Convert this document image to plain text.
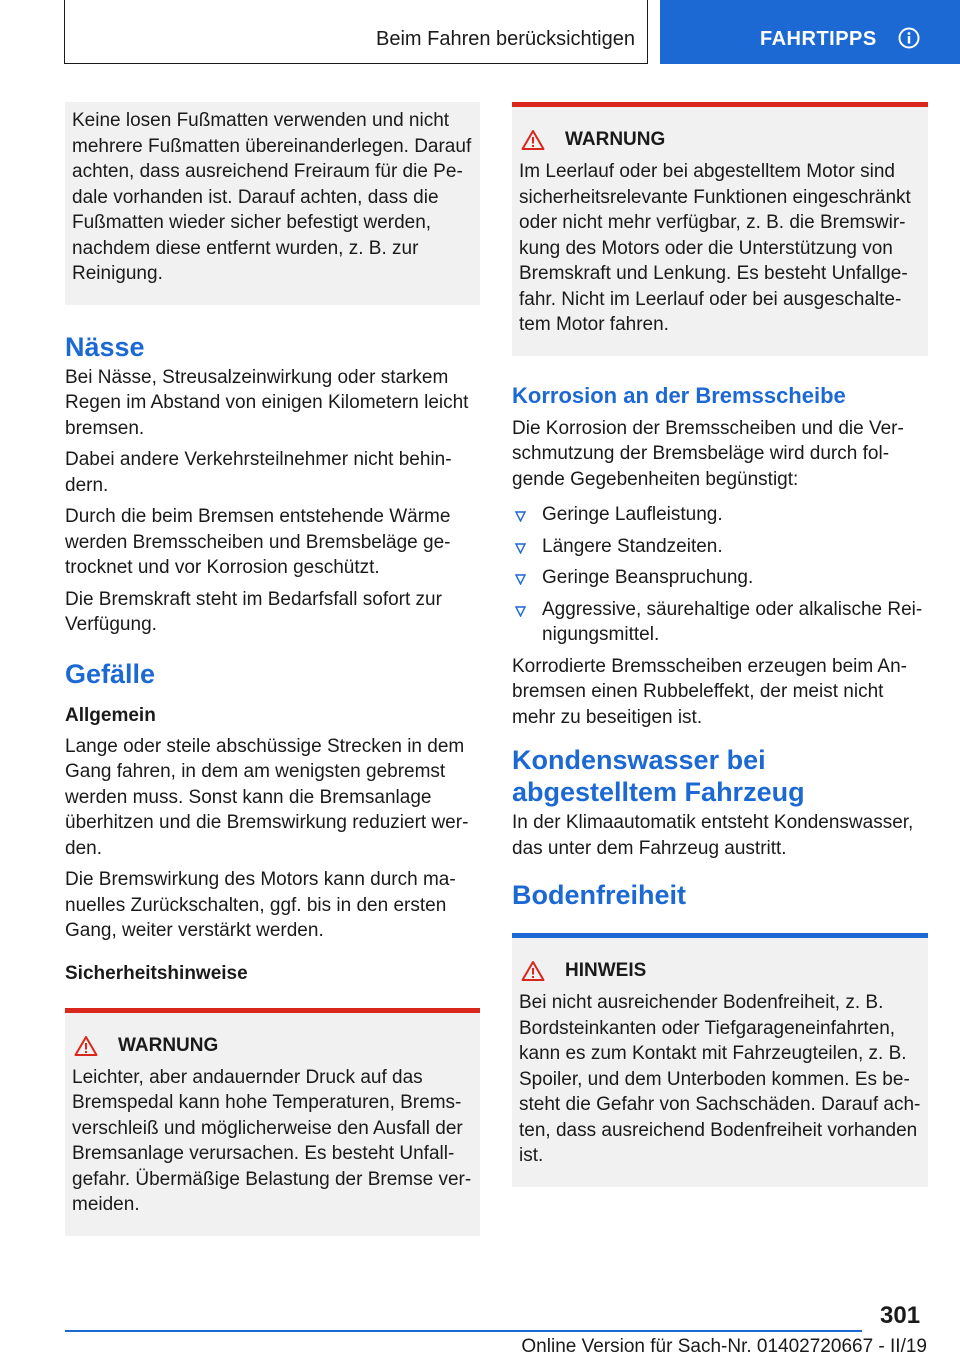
Beim Fahren berücksichtigen	FAHRTIPPS

Keine losen Fußmatten verwenden und nicht mehrere Fußmatten übereinanderlegen. Darauf achten, dass ausreichend Freiraum für die Pedale vorhanden ist. Darauf achten, dass die Fußmatten wieder sicher befestigt werden, nachdem diese entfernt wurden, z. B. zur Reinigung.

Nässe

Bei Nässe, Streusalzeinwirkung oder starkem Regen im Abstand von einigen Kilometern leicht bremsen.

Dabei andere Verkehrsteilnehmer nicht behindern.

Durch die beim Bremsen entstehende Wärme werden Bremsscheiben und Bremsbeläge getrocknet und vor Korrosion geschützt.

Die Bremskraft steht im Bedarfsfall sofort zur Verfügung.

Gefälle
Allgemein

Lange oder steile abschüssige Strecken in dem Gang fahren, in dem am wenigsten gebremst werden muss. Sonst kann die Bremsanlage überhitzen und die Bremswirkung reduziert werden.

Die Bremswirkung des Motors kann durch manuelles Zurückschalten, ggf. bis in den ersten Gang, weiter verstärkt werden.

Sicherheitshinweise
WARNUNG

Leichter, aber andauernder Druck auf das Bremspedal kann hohe Temperaturen, Bremsverschleiß und möglicherweise den Ausfall der Bremsanlage verursachen. Es besteht Unfallgefahr. Übermäßige Belastung der Bremse vermeiden.

WARNUNG

Im Leerlauf oder bei abgestelltem Motor sind sicherheitsrelevante Funktionen eingeschränkt oder nicht mehr verfügbar, z. B. die Bremswirkung des Motors oder die Unterstützung von Bremskraft und Lenkung. Es besteht Unfallgefahr. Nicht im Leerlauf oder bei ausgeschaltetem Motor fahren.

Korrosion an der Bremsscheibe

Die Korrosion der Bremsscheiben und die Verschmutzung der Bremsbeläge wird durch folgende Gegebenheiten begünstigt:

Geringe Laufleistung.
Längere Standzeiten.
Geringe Beanspruchung.
Aggressive, säurehaltige oder alkalische Reinigungsmittel.

Korrodierte Bremsscheiben erzeugen beim Anbremsen einen Rubbeleffekt, der meist nicht mehr zu beseitigen ist.

Kondenswasser bei abgestelltem Fahrzeug

In der Klimaautomatik entsteht Kondenswasser, das unter dem Fahrzeug austritt.

Bodenfreiheit
HINWEIS

Bei nicht ausreichender Bodenfreiheit, z. B. Bordsteinkanten oder Tiefgarageneinfahrten, kann es zum Kontakt mit Fahrzeugteilen, z. B. Spoiler, und dem Unterboden kommen. Es besteht die Gefahr von Sachschäden. Darauf achten, dass ausreichend Bodenfreiheit vorhanden ist.

301
Online Version für Sach-Nr. 01402720667 - II/19
